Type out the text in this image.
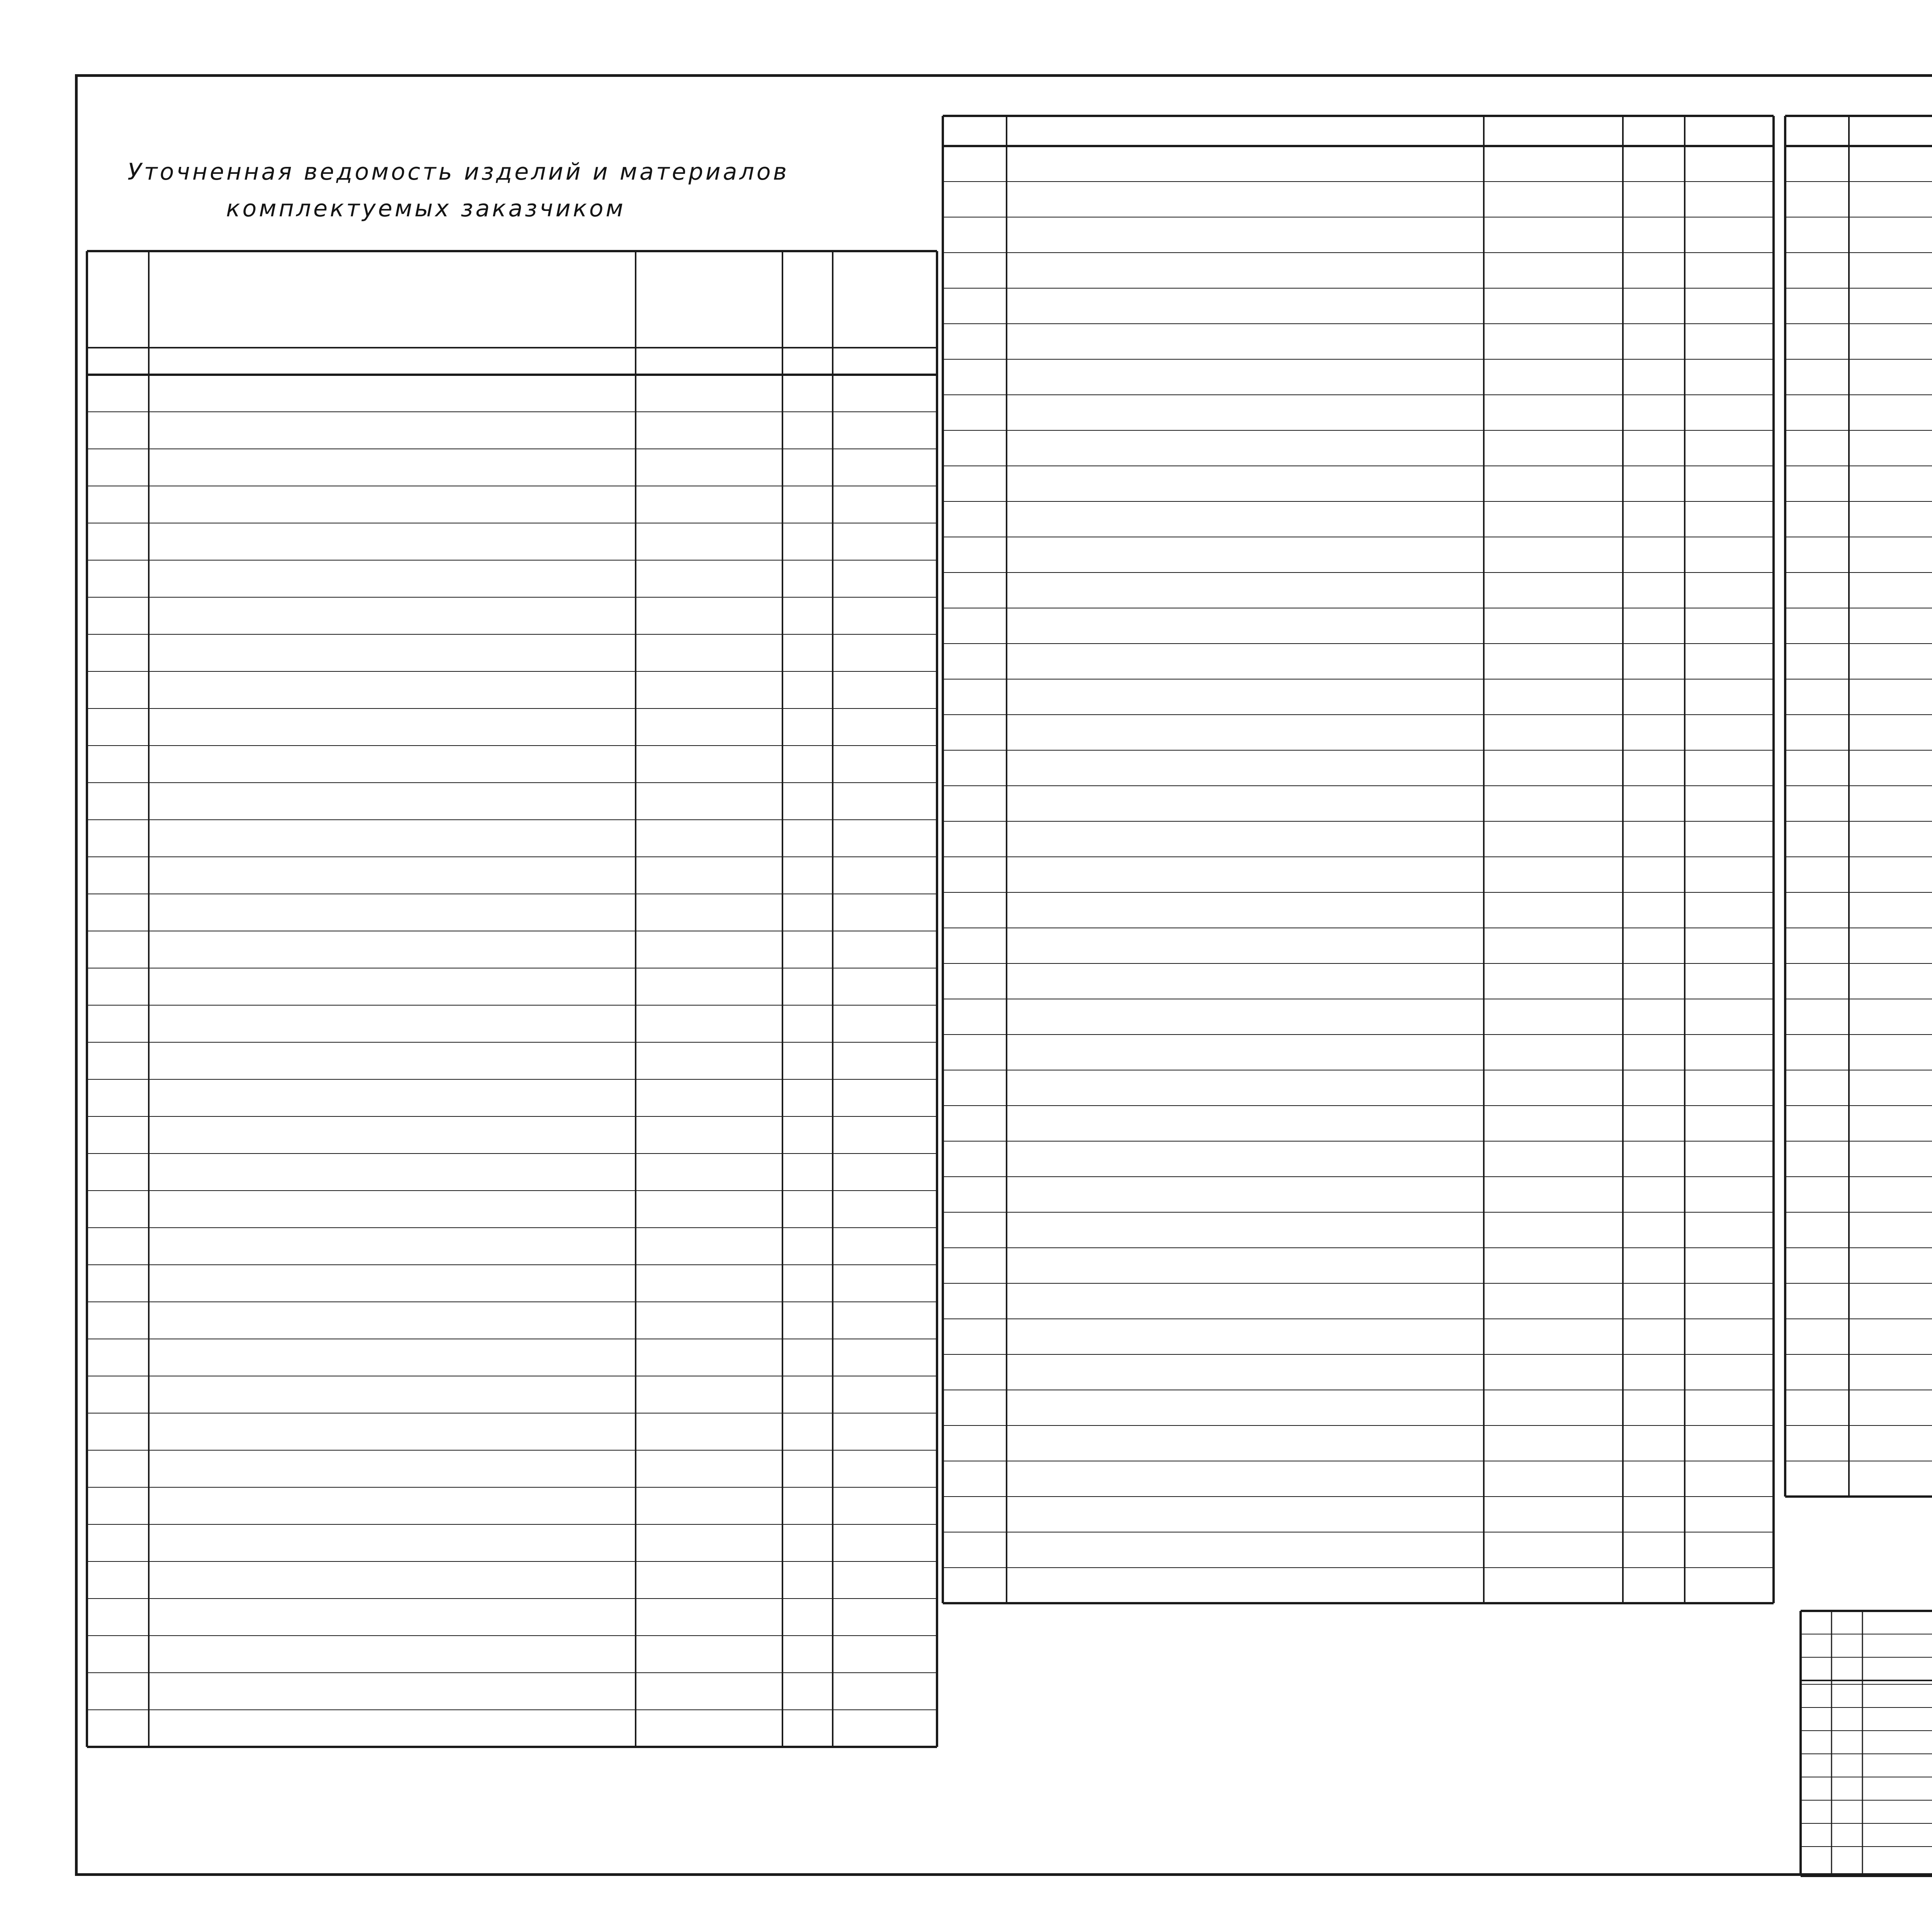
Уточненная ведомость изделий и материалов
комплектуемых заказчиком
